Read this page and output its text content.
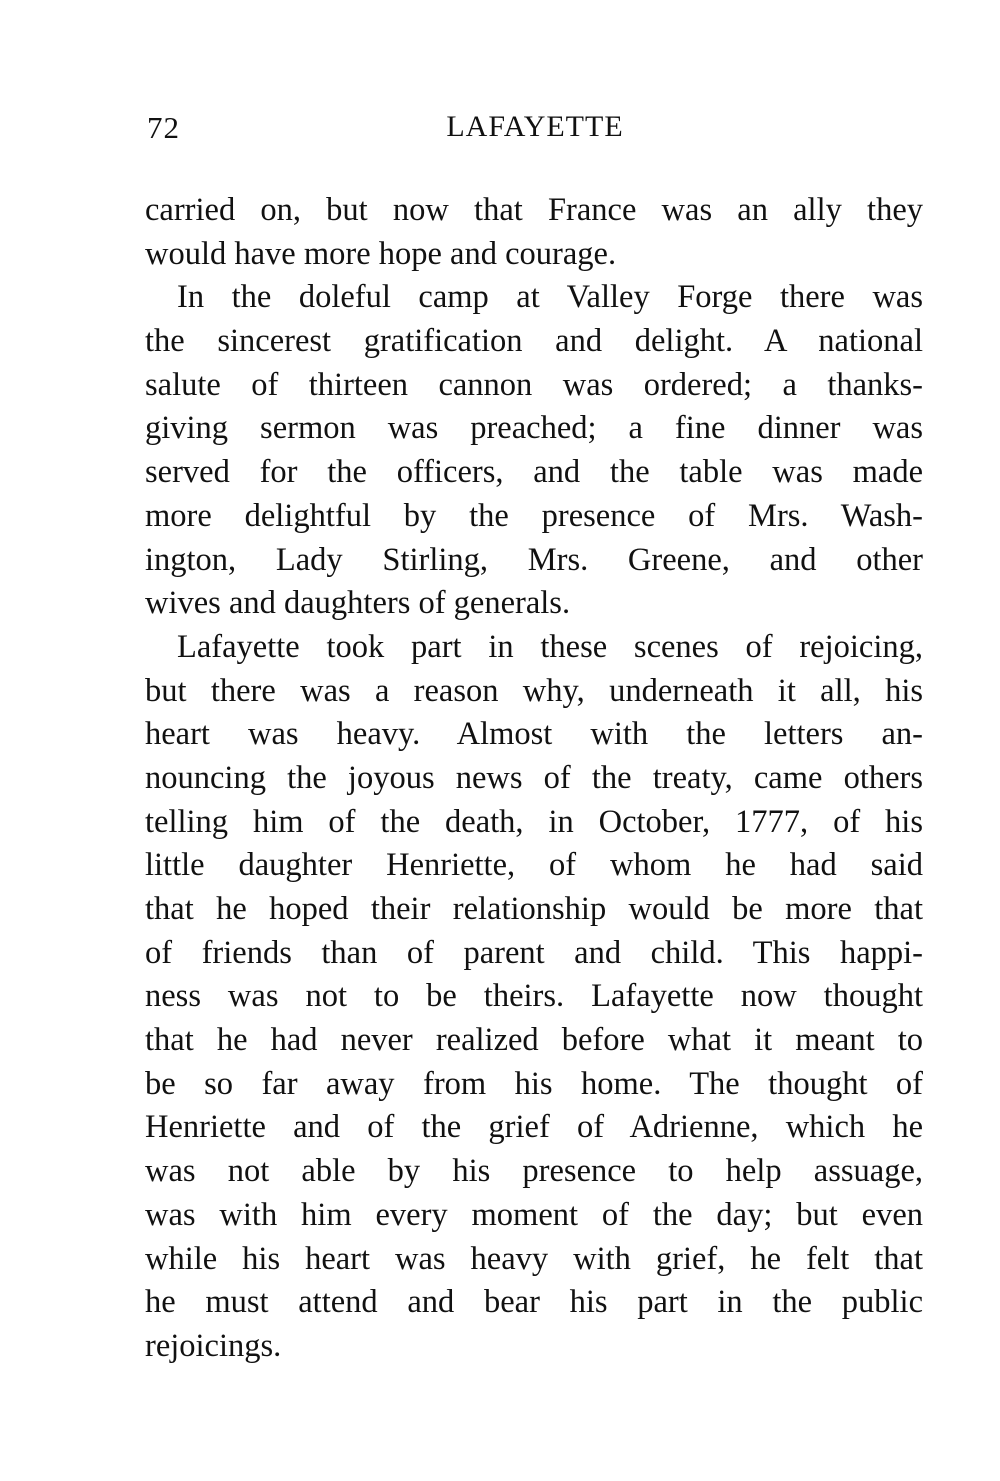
72	LAFAYETTE
carried on, but now that France was an ally they
would have more hope and courage.
In the doleful camp at Valley Forge there was
the sincerest gratification and delight. A national
salute of thirteen cannon was ordered; a thanks-
giving sermon was preached; a fine dinner was
served for the officers, and the table was made
more delightful by the presence of Mrs. Wash-
ington, Lady Stirling, Mrs. Greene, and other
wives and daughters of generals.
Lafayette took part in these scenes of rejoicing,
but there was a reason why, underneath it all, his
heart was heavy. Almost with the letters an-
nouncing the joyous news of the treaty, came others
telling him of the death, in October, 1777, of his
little daughter Henriette, of whom he had said
that he hoped their relationship would be more that
of friends than of parent and child. This happi-
ness was not to be theirs. Lafayette now thought
that he had never realized before what it meant to
be so far away from his home. The thought of
Henriette and of the grief of Adrienne, which he
was not able by his presence to help assuage,
was with him every moment of the day; but even
while his heart was heavy with grief, he felt that
he must attend and bear his part in the public
rejoicings.
